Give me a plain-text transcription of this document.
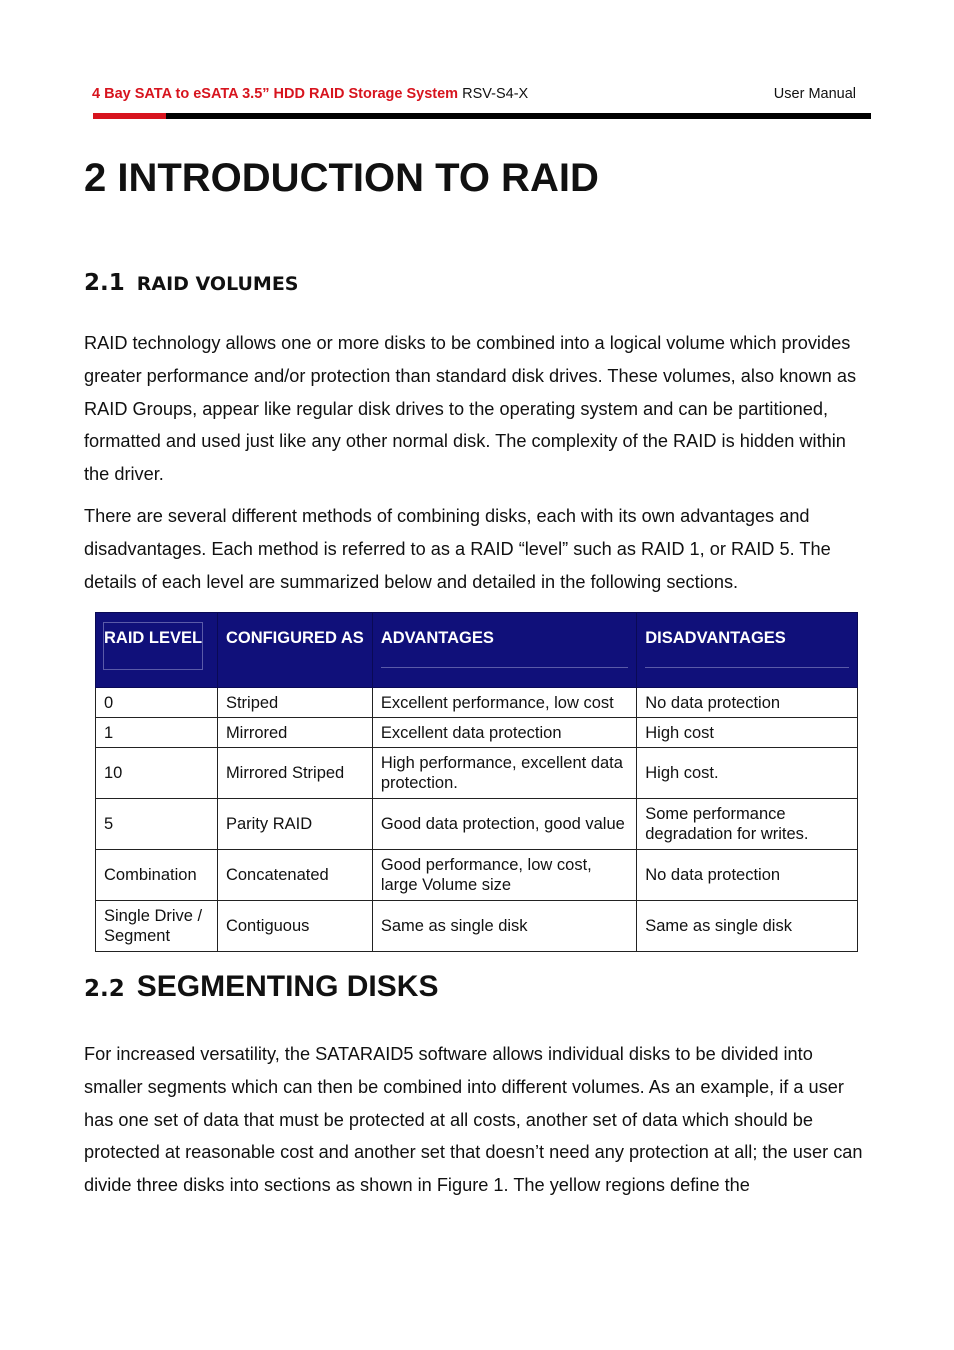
4 Bay SATA to eSATA 3.5” HDD RAID Storage System RSV-S4-X	User Manual
2 INTRODUCTION TO RAID
2.1 RAID VOLUMES

RAID technology allows one or more disks to be combined into a logical volume which provides greater performance and/or protection than standard disk drives. These volumes, also known as RAID Groups, appear like regular disk drives to the operating system and can be partitioned, formatted and used just like any other normal disk. The complexity of the RAID is hidden within the driver.

There are several different methods of combining disks, each with its own advantages and disadvantages. Each method is referred to as a RAID “level” such as RAID 1, or RAID 5. The details of each level are summarized below and detailed in the following sections.

RAID LEVEL	CONFIGURED AS	ADVANTAGES	DISADVANTAGES

0	Striped	Excellent performance, low cost	No data protection
1	Mirrored	Excellent data protection	High cost
10	Mirrored Striped	High performance, excellent data protection.	High cost.
5	Parity RAID	Good data protection, good value	Some performance degradation for writes.
Combination	Concatenated	Good performance, low cost, large Volume size	No data protection
Single Drive / Segment	Contiguous	Same as single disk	Same as single disk
2.2 SEGMENTING DISKS

For increased versatility, the SATARAID5 software allows individual disks to be divided into smaller segments which can then be combined into different volumes. As an example, if a user has one set of data that must be protected at all costs, another set of data which should be protected at reasonable cost and another set that doesn’t need any protection at all; the user can divide three disks into sections as shown in Figure 1. The yellow regions define the
